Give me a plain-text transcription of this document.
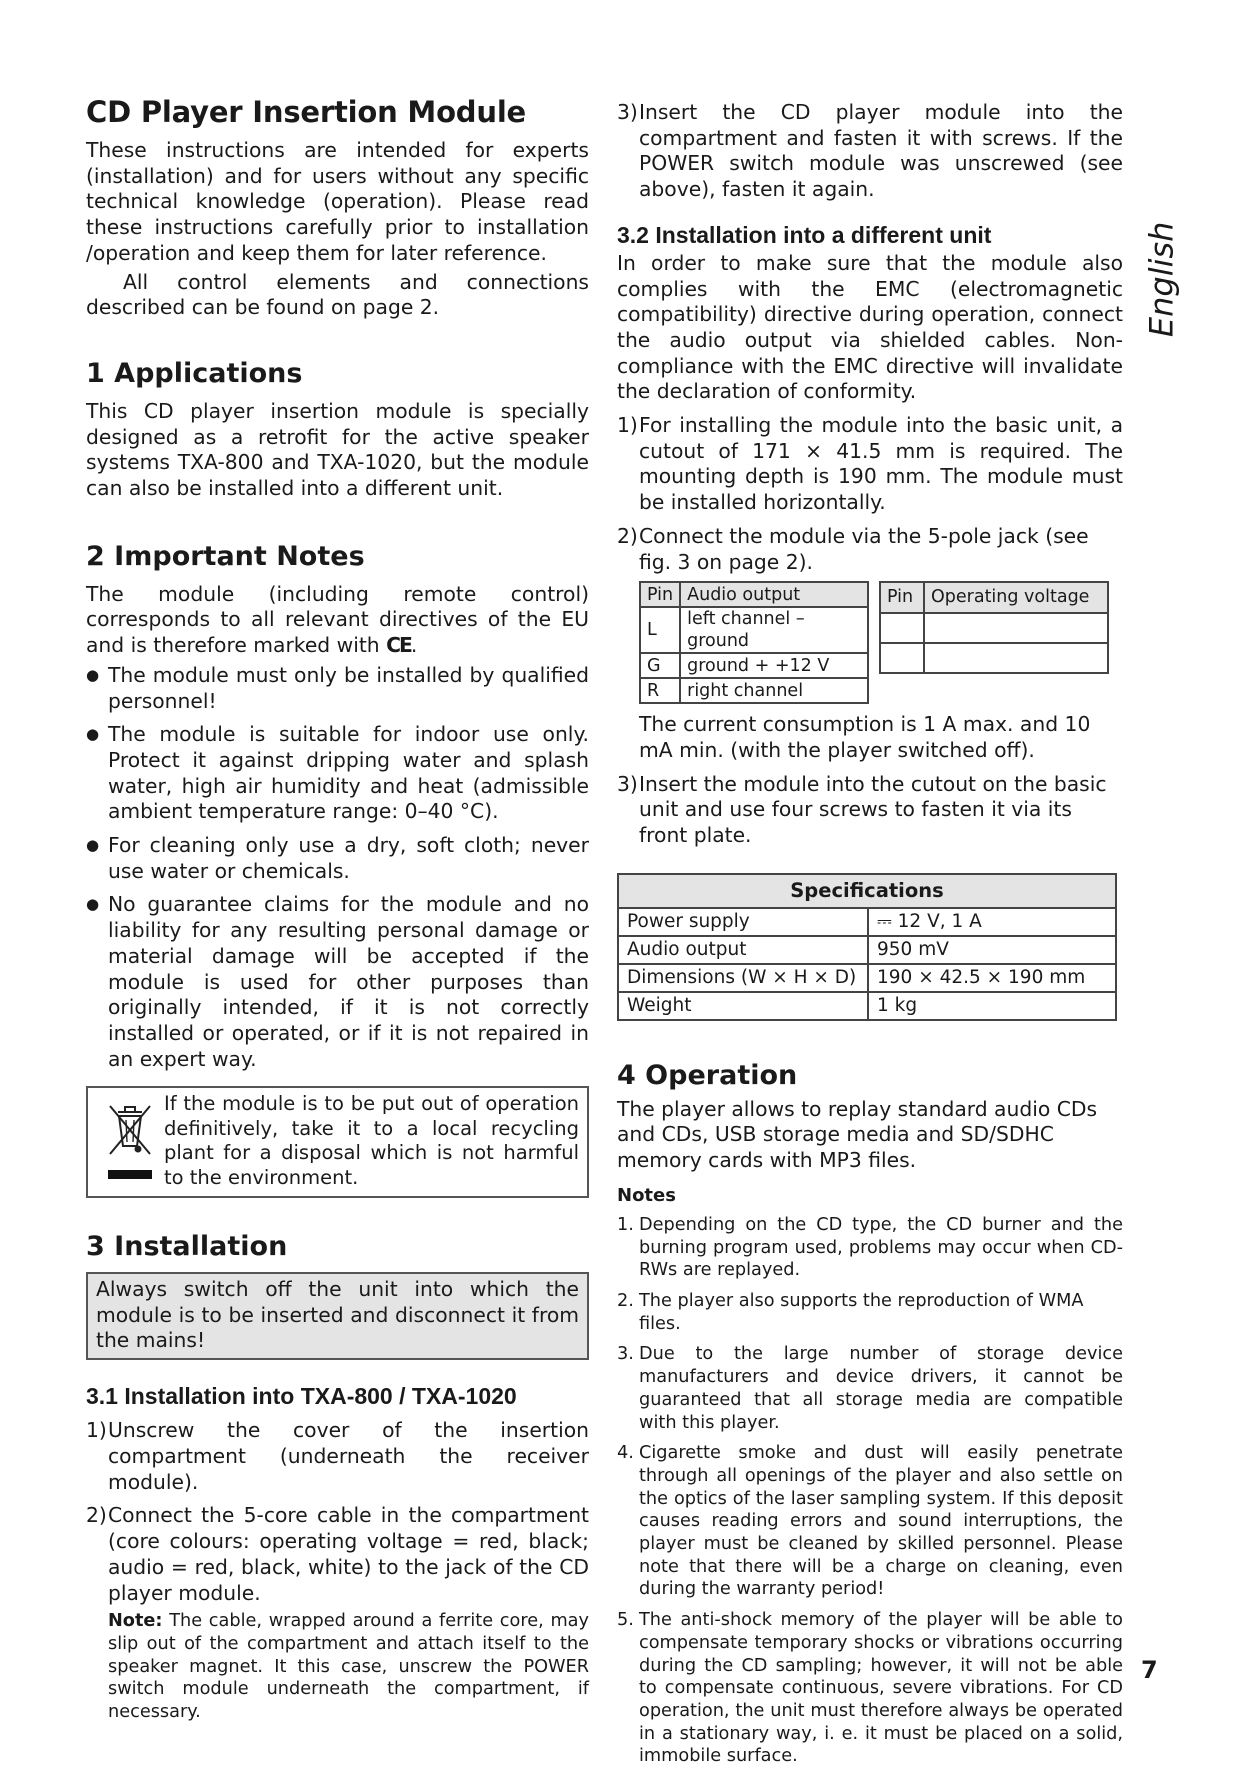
CD Player Insertion Module

These instructions are intended for experts (installation) and for users without any specific technical knowledge (operation). Please read these instructions carefully prior to installation /operation and keep them for later reference.

All control elements and connections described can be found on page 2.

1 Applications

This CD player insertion module is specially designed as a retrofit for the active speaker systems TXA-800 and TXA-1020, but the module can also be installed into a different unit.

2 Important Notes

The module (including remote control) corresponds to all relevant directives of the EU and is therefore marked with CE.

● The module must only be installed by qualified personnel!

● The module is suitable for indoor use only. Protect it against dripping water and splash water, high air humidity and heat (admissible ambient temperature range: 0–40 °C).

● For cleaning only use a dry, soft cloth; never use water or chemicals.

● No guarantee claims for the module and no liability for any resulting personal damage or material damage will be accepted if the module is used for other purposes than originally intended, if it is not correctly installed or operated, or if it is not repaired in an expert way.

If the module is to be put out of operation definitively, take it to a local recycling plant for a disposal which is not harmful to the environment.

3 Installation

Always switch off the unit into which the module is to be inserted and disconnect it from the mains!

3.1 Installation into TXA-800 / TXA-1020
1) Unscrew the cover of the insertion compartment (underneath the receiver module).
2) Connect the 5-core cable in the compartment (core colours: operating voltage = red, black; audio = red, black, white) to the jack of the CD player module.

Note: The cable, wrapped around a ferrite core, may slip out of the compartment and attach itself to the speaker magnet. It this case, unscrew the POWER switch module underneath the compartment, if necessary.

3) Insert the CD player module into the compartment and fasten it with screws. If the POWER switch module was unscrewed (see above), fasten it again.
3.2 Installation into a different unit

In order to make sure that the module also complies with the EMC (electromagnetic compatibility) directive during operation, connect the audio output via shielded cables. Non-compliance with the EMC directive will invalidate the declaration of conformity.

1) For installing the module into the basic unit, a cutout of 171 × 41.5 mm is required. The mounting depth is 190 mm. The module must be installed horizontally.
2) Connect the module via the 5-pole jack (see fig. 3 on page 2).
Pin	Audio output
L	left channel – ground
G	ground + +12 V
R	right channel
Pin	Operating voltage

The current consumption is 1 A max. and 10 mA min. (with the player switched off).

3) Insert the module into the cutout on the basic unit and use four screws to fasten it via its front plate.
Specifications	
Power supply	⎓ 12 V, 1 A
Audio output	950 mV
Dimensions (W × H × D)	190 × 42.5 × 190 mm
Weight	1 kg
4 Operation

The player allows to replay standard audio CDs and CDs, USB storage media and SD/SDHC memory cards with MP3 files.

Notes
1. Depending on the CD type, the CD burner and the burning program used, problems may occur when CD-RWs are replayed.
2. The player also supports the reproduction of WMA files.
3. Due to the large number of storage device manufacturers and device drivers, it cannot be guaranteed that all storage media are compatible with this player.
4. Cigarette smoke and dust will easily penetrate through all openings of the player and also settle on the optics of the laser sampling system. If this deposit causes reading errors and sound interruptions, the player must be cleaned by skilled personnel. Please note that there will be a charge on cleaning, even during the warranty period!
5. The anti-shock memory of the player will be able to compensate temporary shocks or vibrations occurring during the CD sampling; however, it will not be able to compensate continuous, severe vibrations. For CD operation, the unit must therefore always be operated in a stationary way, i. e. it must be placed on a solid, immobile surface.
English
7
